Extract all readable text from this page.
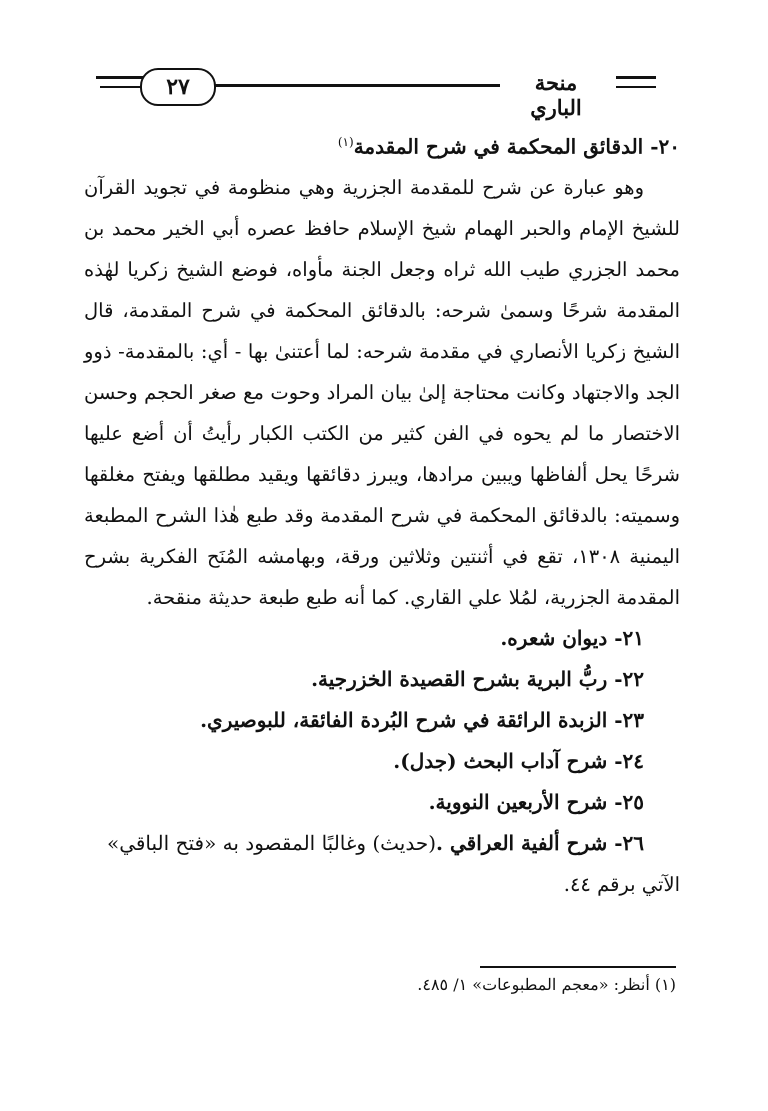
٢٧	منحة الباري

٢٠- الدقائق المحكمة في شرح المقدمة$^{(١)}$

وهو عبارة عن شرح للمقدمة الجزرية وهي منظومة في تجويد القرآن للشيخ الإمام والحبر الهمام شيخ الإسلام حافظ عصره أبي الخير محمد بن محمد الجزري طيب الله ثراه وجعل الجنة مأواه، فوضع الشيخ زكريا لهٰذه المقدمة شرحًا وسمىٰ شرحه: بالدقائق المحكمة في شرح المقدمة، قال الشيخ زكريا الأنصاري في مقدمة شرحه: لما أعتنىٰ بها - أي: بالمقدمة- ذوو الجد والاجتهاد وكانت محتاجة إلىٰ بيان المراد وحوت مع صغر الحجم وحسن الاختصار ما لم يحوه في الفن كثير من الكتب الكبار رأيتُ أن أضع عليها شرحًا يحل ألفاظها ويبين مرادها، ويبرز دقائقها ويقيد مطلقها ويفتح مغلقها وسميته: بالدقائق المحكمة في شرح المقدمة وقد طبع هٰذا الشرح المطبعة اليمنية ١٣٠٨، تقع في أثنتين وثلاثين ورقة، وبهامشه المُنَح الفكرية بشرح المقدمة الجزرية، لمُلا علي القاري. كما أنه طبع طبعة حديثة منقحة.

٢١- ديوان شعره.

٢٢- ربُّ البرية بشرح القصيدة الخزرجية.

٢٣- الزبدة الرائقة في شرح البُردة الفائقة، للبوصيري.

٢٤- شرح آداب البحث (جدل).

٢٥- شرح الأربعين النووية.

٢٦- شرح ألفية العراقي .(حديث) وغالبًا المقصود به «فتح الباقي»

الآتي برقم ٤٤.

(١) أنظر: «معجم المطبوعات» ١/ ٤٨٥.
